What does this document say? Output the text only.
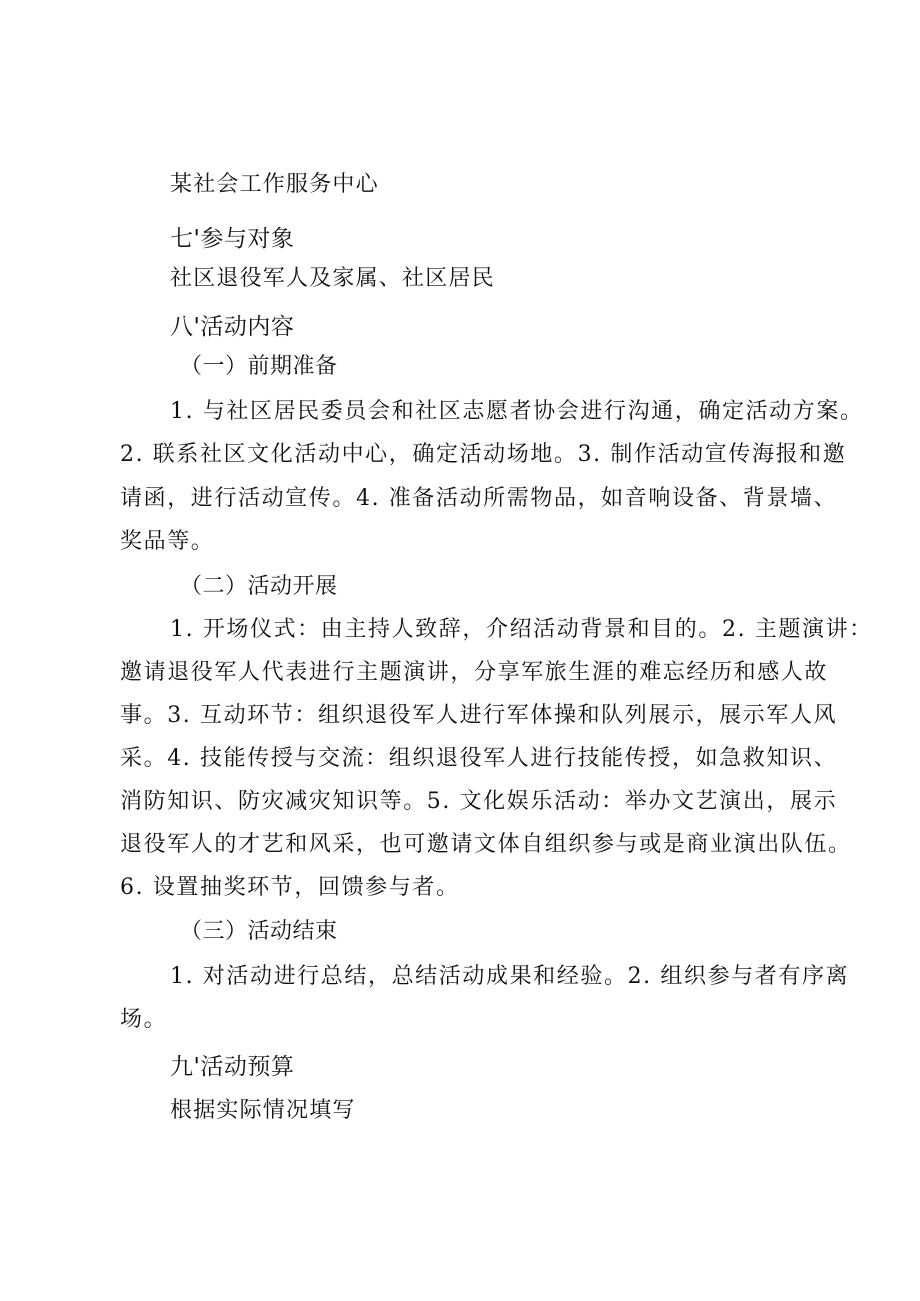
某社会工作服务中心
七'参与对象
社区退役军人及家属、社区居民
八'活动内容
（一）前期准备
1. 与社区居民委员会和社区志愿者协会进行沟通，确定活动方案。
2. 联系社区文化活动中心，确定活动场地。3. 制作活动宣传海报和邀
请函，进行活动宣传。4. 准备活动所需物品，如音响设备、背景墙、
奖品等。
（二）活动开展
1. 开场仪式：由主持人致辞，介绍活动背景和目的。2. 主题演讲：
邀请退役军人代表进行主题演讲，分享军旅生涯的难忘经历和感人故
事。3. 互动环节：组织退役军人进行军体操和队列展示，展示军人风
采。4. 技能传授与交流：组织退役军人进行技能传授，如急救知识、
消防知识、防灾减灾知识等。5. 文化娱乐活动：举办文艺演出，展示
退役军人的才艺和风采，也可邀请文体自组织参与或是商业演出队伍。
6. 设置抽奖环节，回馈参与者。
（三）活动结束
1. 对活动进行总结，总结活动成果和经验。2. 组织参与者有序离
场。
九'活动预算
根据实际情况填写
